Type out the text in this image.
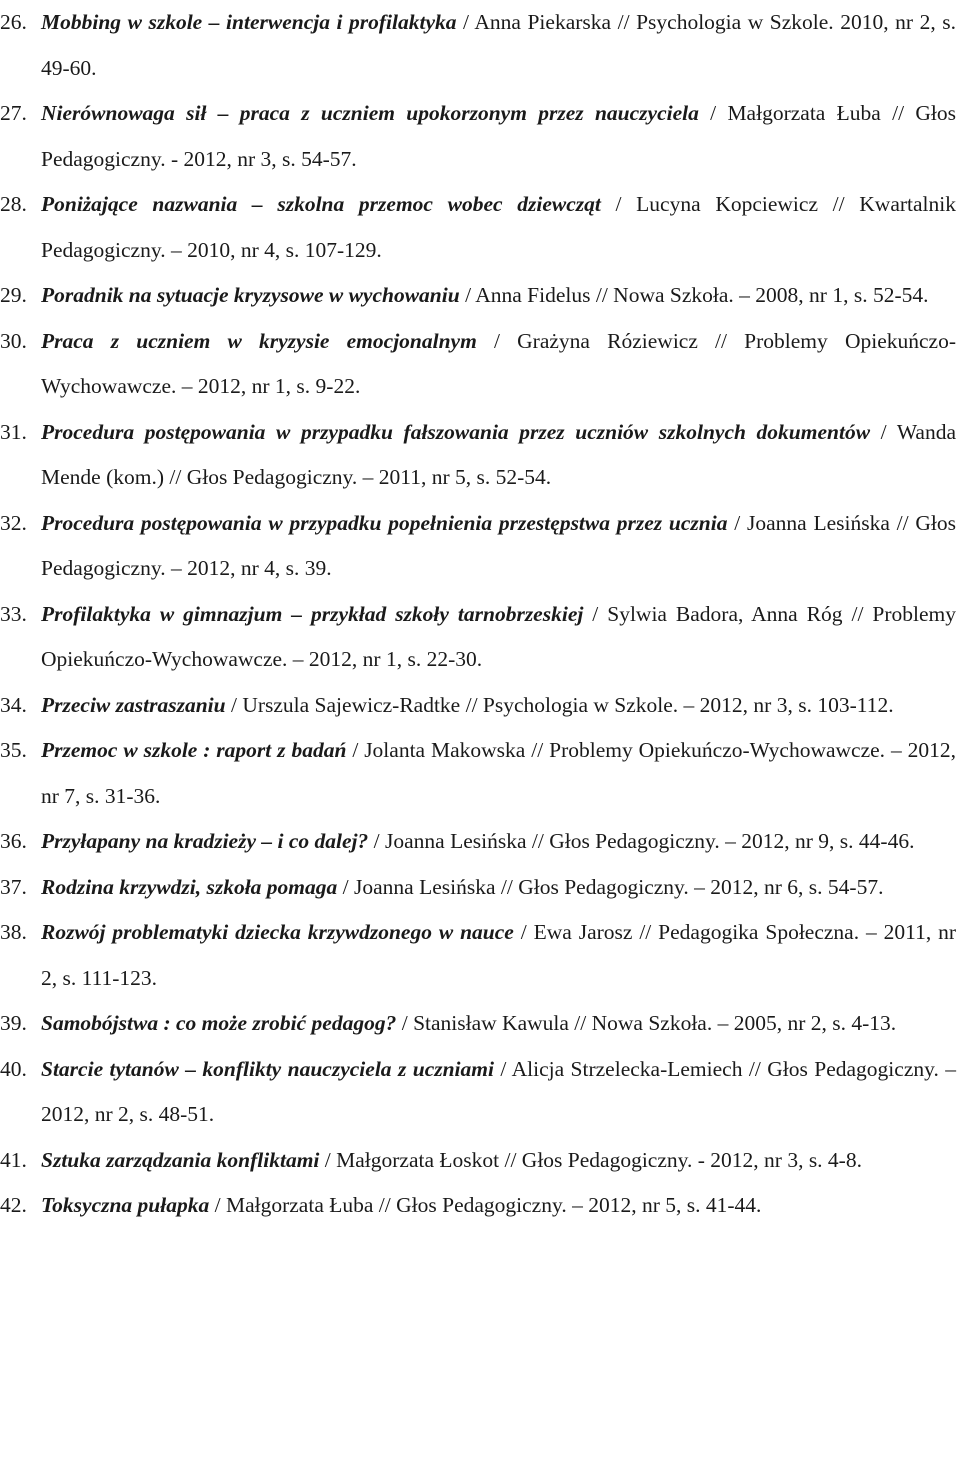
26. Mobbing w szkole – interwencja i profilaktyka / Anna Piekarska // Psychologia w Szkole. 2010, nr 2, s. 49-60.
27. Nierównowaga sił – praca z uczniem upokorzonym przez nauczyciela / Małgorzata Łuba // Głos Pedagogiczny. - 2012, nr 3, s. 54-57.
28. Poniżające nazwania – szkolna przemoc wobec dziewcząt / Lucyna Kopciewicz // Kwartalnik Pedagogiczny. – 2010, nr 4, s. 107-129.
29. Poradnik na sytuacje kryzysowe w wychowaniu / Anna Fidelus // Nowa Szkoła. – 2008, nr 1, s. 52-54.
30. Praca z uczniem w kryzysie emocjonalnym / Grażyna Róziewicz // Problemy Opiekuńczo-Wychowawcze. – 2012, nr 1, s. 9-22.
31. Procedura postępowania w przypadku fałszowania przez uczniów szkolnych dokumentów / Wanda Mende (kom.) // Głos Pedagogiczny. – 2011, nr 5, s. 52-54.
32. Procedura postępowania w przypadku popełnienia przestępstwa przez ucznia / Joanna Lesińska // Głos Pedagogiczny. – 2012, nr 4, s. 39.
33. Profilaktyka w gimnazjum – przykład szkoły tarnobrzeskiej / Sylwia Badora, Anna Róg // Problemy Opiekuńczo-Wychowawcze. – 2012, nr 1, s. 22-30.
34. Przeciw zastraszaniu / Urszula Sajewicz-Radtke // Psychologia w Szkole. – 2012, nr 3, s. 103-112.
35. Przemoc w szkole : raport z badań / Jolanta Makowska // Problemy Opiekuńczo-Wychowawcze. – 2012, nr 7, s. 31-36.
36. Przyłapany na kradzieży – i co dalej? / Joanna Lesińska // Głos Pedagogiczny. – 2012, nr 9, s. 44-46.
37. Rodzina krzywdzi, szkoła pomaga / Joanna Lesińska // Głos Pedagogiczny. – 2012, nr 6, s. 54-57.
38. Rozwój problematyki dziecka krzywdzonego w nauce / Ewa Jarosz // Pedagogika Społeczna. – 2011, nr 2, s. 111-123.
39. Samobójstwa : co może zrobić pedagog? / Stanisław Kawula // Nowa Szkoła. – 2005, nr 2, s. 4-13.
40. Starcie tytanów – konflikty nauczyciela z uczniami / Alicja Strzelecka-Lemiech // Głos Pedagogiczny. – 2012, nr 2, s. 48-51.
41. Sztuka zarządzania konfliktami / Małgorzata Łoskot // Głos Pedagogiczny. - 2012, nr 3, s. 4-8.
42. Toksyczna pułapka / Małgorzata Łuba // Głos Pedagogiczny. – 2012, nr 5, s. 41-44.
